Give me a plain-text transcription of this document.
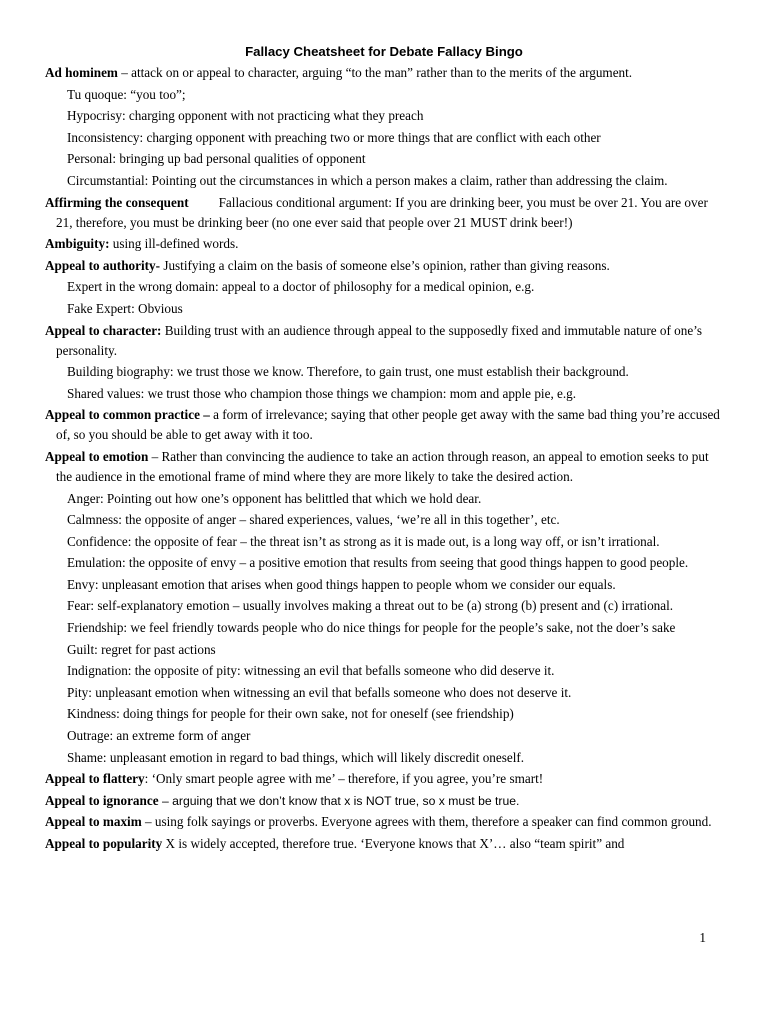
Fallacy Cheatsheet for Debate Fallacy Bingo
Ad hominem – attack on or appeal to character, arguing “to the man” rather than to the merits of the argument.
Tu quoque: “you too”;
Hypocrisy: charging opponent with not practicing what they preach
Inconsistency: charging opponent with preaching two or more things that are conflict with each other
Personal: bringing up bad personal qualities of opponent
Circumstantial: Pointing out the circumstances in which a person makes a claim, rather than addressing the claim.
Affirming the consequent Fallacious conditional argument: If you are drinking beer, you must be over 21. You are over 21, therefore, you must be drinking beer (no one ever said that people over 21 MUST drink beer!)
Ambiguity: using ill-defined words.
Appeal to authority- Justifying a claim on the basis of someone else’s opinion, rather than giving reasons.
Expert in the wrong domain: appeal to a doctor of philosophy for a medical opinion, e.g.
Fake Expert: Obvious
Appeal to character: Building trust with an audience through appeal to the supposedly fixed and immutable nature of one’s personality.
Building biography: we trust those we know. Therefore, to gain trust, one must establish their background.
Shared values: we trust those who champion those things we champion: mom and apple pie, e.g.
Appeal to common practice – a form of irrelevance; saying that other people get away with the same bad thing you’re accused of, so you should be able to get away with it too.
Appeal to emotion – Rather than convincing the audience to take an action through reason, an appeal to emotion seeks to put the audience in the emotional frame of mind where they are more likely to take the desired action.
Anger: Pointing out how one’s opponent has belittled that which we hold dear.
Calmness: the opposite of anger – shared experiences, values, ‘we’re all in this together’, etc.
Confidence: the opposite of fear – the threat isn’t as strong as it is made out, is a long way off, or isn’t irrational.
Emulation: the opposite of envy – a positive emotion that results from seeing that good things happen to good people.
Envy: unpleasant emotion that arises when good things happen to people whom we consider our equals.
Fear: self-explanatory emotion – usually involves making a threat out to be (a) strong (b) present and (c) irrational.
Friendship: we feel friendly towards people who do nice things for people for the people’s sake, not the doer’s sake
Guilt: regret for past actions
Indignation: the opposite of pity: witnessing an evil that befalls someone who did deserve it.
Pity: unpleasant emotion when witnessing an evil that befalls someone who does not deserve it.
Kindness: doing things for people for their own sake, not for oneself (see friendship)
Outrage: an extreme form of anger
Shame: unpleasant emotion in regard to bad things, which will likely discredit oneself.
Appeal to flattery: ‘Only smart people agree with me’ – therefore, if you agree, you’re smart!
Appeal to ignorance – arguing that we don’t know that x is NOT true, so x must be true.
Appeal to maxim – using folk sayings or proverbs. Everyone agrees with them, therefore a speaker can find common ground.
Appeal to popularity X is widely accepted, therefore true. ‘Everyone knows that X’… also “team spirit” and
1
